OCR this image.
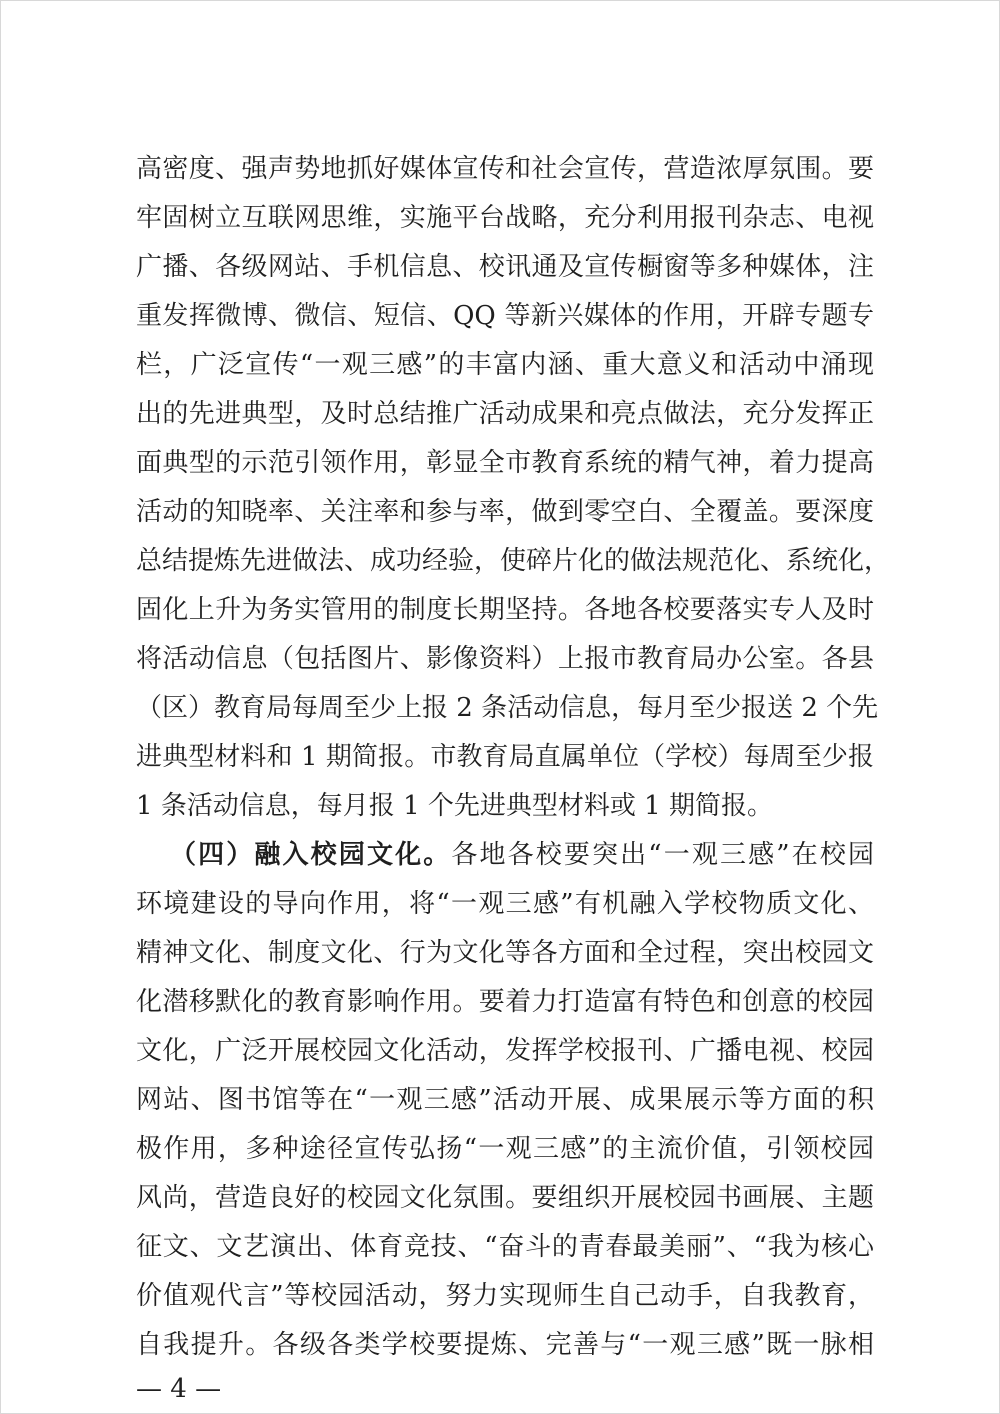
高密度、强声势地抓好媒体宣传和社会宣传，营造浓厚氛围。要
牢固树立互联网思维，实施平台战略，充分利用报刊杂志、电视
广播、各级网站、手机信息、校讯通及宣传橱窗等多种媒体，注
重发挥微博、微信、短信、QQ 等新兴媒体的作用，开辟专题专
栏，广泛宣传“一观三感”的丰富内涵、重大意义和活动中涌现
出的先进典型，及时总结推广活动成果和亮点做法，充分发挥正
面典型的示范引领作用，彰显全市教育系统的精气神，着力提高
活动的知晓率、关注率和参与率，做到零空白、全覆盖。要深度
总结提炼先进做法、成功经验，使碎片化的做法规范化、系统化，
固化上升为务实管用的制度长期坚持。各地各校要落实专人及时
将活动信息（包括图片、影像资料）上报市教育局办公室。各县
（区）教育局每周至少上报 2 条活动信息，每月至少报送 2 个先
进典型材料和 1 期简报。市教育局直属单位（学校）每周至少报
1 条活动信息，每月报 1 个先进典型材料或 1 期简报。
（四）融入校园文化。各地各校要突出“一观三感”在校园
环境建设的导向作用，将“一观三感”有机融入学校物质文化、
精神文化、制度文化、行为文化等各方面和全过程，突出校园文
化潜移默化的教育影响作用。要着力打造富有特色和创意的校园
文化，广泛开展校园文化活动，发挥学校报刊、广播电视、校园
网站、图书馆等在“一观三感”活动开展、成果展示等方面的积
极作用，多种途径宣传弘扬“一观三感”的主流价值，引领校园
风尚，营造良好的校园文化氛围。要组织开展校园书画展、主题
征文、文艺演出、体育竞技、“奋斗的青春最美丽”、“我为核心
价值观代言”等校园活动，努力实现师生自己动手，自我教育，
自我提升。各级各类学校要提炼、完善与“一观三感”既一脉相
— 4 —
